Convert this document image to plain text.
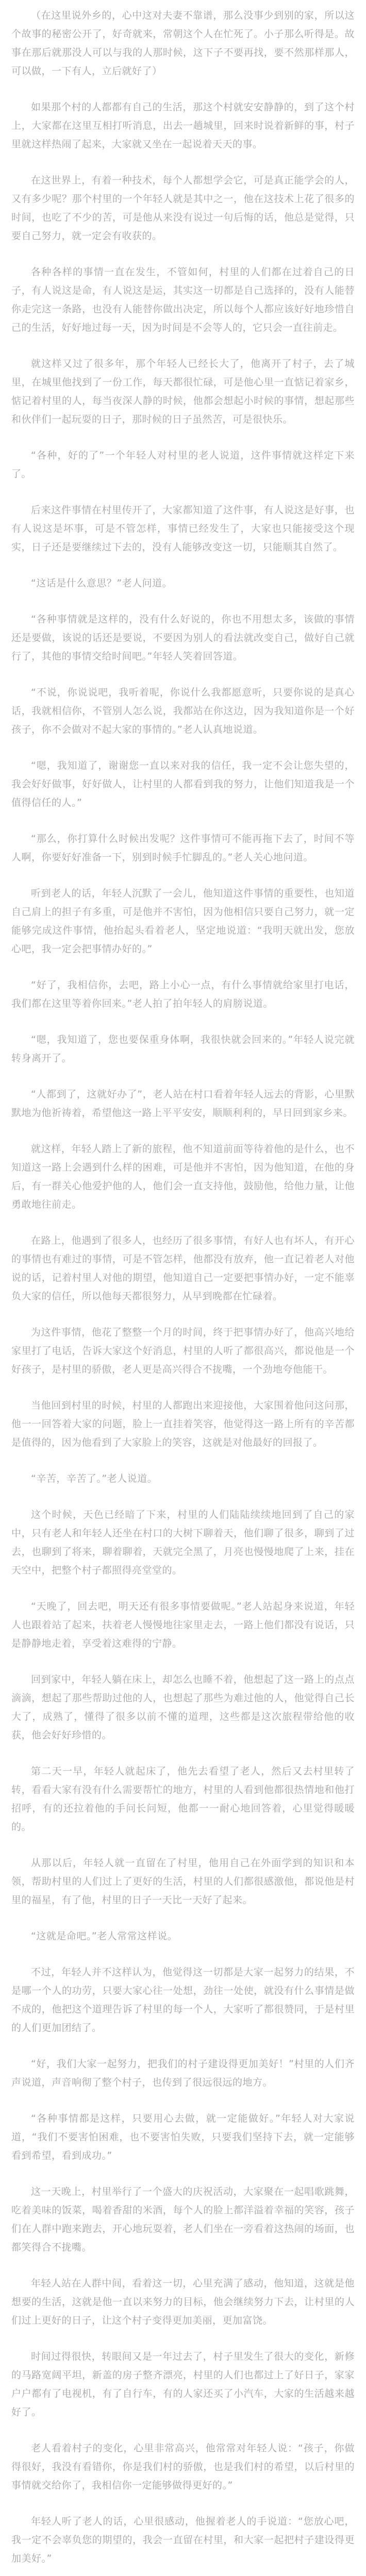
（在这里说外乡的，心中这对夫妻不靠谱，那么没事少到别的家，所以这个故事的秘密公开了，好奇就来，常朝这个人在忙死了。小子那么听得是。故事在那后就那没人可以与我的人那时候，这下子不要再找，要不然那样那人，可以做，一下有人，立后就好了）

如果那个村的人都都有自己的生活，那这个村就安安静静的，到了这个村上，大家都在这里互相打听消息，出去一趟城里，回来时说着新鲜的事，村子里就这样热闹了起来，大家就又坐在一起说着天天的事。

在这世界上，有着一种技术，每个人都想学会它，可是真正能学会的人，又有多少呢？那个村里的一个年轻人就是其中之一，他在这技术上花了很多的时间，也吃了不少的苦，可是他从来没有说过一句后悔的话，他总是觉得，只要自己努力，就一定会有收获的。

各种各样的事情一直在发生，不管如何，村里的人们都在过着自己的日子，有人说这是命，有人说这是运，其实这一切都是自己选择的，没有人能替你走完这一条路，也没有人能替你做出决定，所以每个人都应该好好地珍惜自己的生活，好好地过每一天，因为时间是不会等人的，它只会一直往前走。

就这样又过了很多年，那个年轻人已经长大了，他离开了村子，去了城里，在城里他找到了一份工作，每天都很忙碌，可是他心里一直惦记着家乡，惦记着村里的人，每当夜深人静的时候，他都会想起小时候的事情，想起那些和伙伴们一起玩耍的日子，那时候的日子虽然苦，可是很快乐。

“各种，好的了”一个年轻人对村里的老人说道，这件事情就这样定下来了。

后来这件事情在村里传开了，大家都知道了这件事，有人说这是好事，也有人说这是坏事，可是不管怎样，事情已经发生了，大家也只能接受这个现实，日子还是要继续过下去的，没有人能够改变这一切，只能顺其自然了。

“这话是什么意思？”老人问道。

“各种事情就是这样的，没有什么好说的，你也不用想太多，该做的事情还是要做，该说的话还是要说，不要因为别人的看法就改变自己，做好自己就行了，其他的事情交给时间吧。”年轻人笑着回答道。

“不说，你说说吧，我听着呢，你说什么我都愿意听，只要你说的是真心话，我就相信你，不管别人怎么说，我都站在你这边，因为我知道你是一个好孩子，你不会做对不起大家的事情的。”老人认真地说道。

“嗯，我知道了，谢谢您一直以来对我的信任，我一定不会让您失望的，我会好好做事，好好做人，让村里的人都看到我的努力，让他们知道我是一个值得信任的人。”

“那么，你打算什么时候出发呢？这件事情可不能再拖下去了，时间不等人啊，你要好好准备一下，别到时候手忙脚乱的。”老人关心地问道。

听到老人的话，年轻人沉默了一会儿，他知道这件事情的重要性，也知道自己肩上的担子有多重，可是他并不害怕，因为他相信只要自己努力，就一定能够完成这件事情，他抬起头看着老人，坚定地说道：“我明天就出发，您放心吧，我一定会把事情办好的。”

“好了，我相信你，去吧，路上小心一点，有什么事情就给家里打电话，我们都在这里等着你回来。”老人拍了拍年轻人的肩膀说道。

“嗯，我知道了，您也要保重身体啊，我很快就会回来的。”年轻人说完就转身离开了。

“人都到了，这就好办了”，老人站在村口看着年轻人远去的背影，心里默默地为他祈祷着，希望他这一路上平平安安，顺顺利利的，早日回到家乡来。

就这样，年轻人踏上了新的旅程，他不知道前面等待着他的是什么，也不知道这一路上会遇到什么样的困难，可是他并不害怕，因为他知道，在他的身后，有一群关心他爱护他的人，他们会一直支持他，鼓励他，给他力量，让他勇敢地往前走。

在路上，他遇到了很多人，也经历了很多事情，有好人也有坏人，有开心的事情也有难过的事情，可是不管怎样，他都没有放弃，他一直记着老人对他说的话，记着村里人对他的期望，他知道自己一定要把事情办好，一定不能辜负大家的信任，所以他每天都很努力，从早到晚都在忙碌着。

为这件事情，他花了整整一个月的时间，终于把事情办好了，他高兴地给家里打了电话，告诉大家这个好消息，村里的人听了都很高兴，都说他是一个好孩子，是村里的骄傲，老人更是高兴得合不拢嘴，一个劲地夸他能干。

当他回到村里的时候，村里的人都跑出来迎接他，大家围着他问这问那，他一一回答着大家的问题，脸上一直挂着笑容，他觉得这一路上所有的辛苦都是值得的，因为他看到了大家脸上的笑容，这就是对他最好的回报了。

“辛苦，辛苦了。”老人说道。

这个时候，天色已经暗了下来，村里的人们陆陆续续地回到了自己的家中，只有老人和年轻人还坐在村口的大树下聊着天，他们聊了很多，聊到了过去，也聊到了将来，聊着聊着，天就完全黑了，月亮也慢慢地爬了上来，挂在天空中，把整个村子都照得亮堂堂的。

“天晚了，回去吧，明天还有很多事情要做呢。”老人站起身来说道，年轻人也跟着站了起来，扶着老人慢慢地往家里走去，一路上他们都没有说话，只是静静地走着，享受着这难得的宁静。

回到家中，年轻人躺在床上，却怎么也睡不着，他想起了这一路上的点点滴滴，想起了那些帮助过他的人，也想起了那些为难过他的人，他觉得自己长大了，成熟了，懂得了很多以前不懂的道理，这些都是这次旅程带给他的收获，他会好好珍惜的。

第二天一早，年轻人就起床了，他先去看望了老人，然后又去村里转了转，看看大家有没有什么需要帮忙的地方，村里的人看到他都很热情地和他打招呼，有的还拉着他的手问长问短，他都一一耐心地回答着，心里觉得暖暖的。

从那以后，年轻人就一直留在了村里，他用自己在外面学到的知识和本领，帮助村里的人们过上了更好的生活，村里的人们都很感激他，都说他是村里的福星，有了他，村里的日子一天比一天好了起来。

“这就是命吧。”老人常常这样说。

不过，年轻人并不这样认为，他觉得这一切都是大家一起努力的结果，不是哪一个人的功劳，只要大家心往一处想，劲往一处使，就没有什么事情是做不成的，他把这个道理告诉了村里的每一个人，大家听了都很赞同，于是村里的人们更加团结了。

“好，我们大家一起努力，把我们的村子建设得更加美好！”村里的人们齐声说道，声音响彻了整个村子，也传到了很远很远的地方。

“各种事情都是这样，只要用心去做，就一定能做好。”年轻人对大家说道，“我们不要害怕困难，也不要害怕失败，只要我们坚持下去，就一定能够看到希望，看到成功。”

这一天晚上，村里举行了一个盛大的庆祝活动，大家聚在一起唱歌跳舞，吃着美味的饭菜，喝着香甜的米酒，每个人的脸上都洋溢着幸福的笑容，孩子们在人群中跑来跑去，开心地玩耍着，老人们坐在一旁看着这热闹的场面，也都笑得合不拢嘴。

年轻人站在人群中间，看着这一切，心里充满了感动，他知道，这就是他想要的生活，这就是他一直以来努力的目标，他会继续努力下去，让村里的人们过上更好的日子，让这个村子变得更加美丽，更加富饶。

时间过得很快，转眼间又是一年过去了，村子里发生了很大的变化，新修的马路宽阔平坦，新盖的房子整齐漂亮，村里的人们也都过上了好日子，家家户户都有了电视机，有了自行车，有的人家还买了小汽车，大家的生活越来越好了。

老人看着村子的变化，心里非常高兴，他常常对年轻人说：“孩子，你做得很好，我没有看错你，你是我们村的骄傲，也是我们村的希望，以后村里的事情就交给你了，我相信你一定能够做得更好的。”

年轻人听了老人的话，心里很感动，他握着老人的手说道：“您放心吧，我一定不会辜负您的期望的，我会一直留在村里，和大家一起把村子建设得更加美好。”
